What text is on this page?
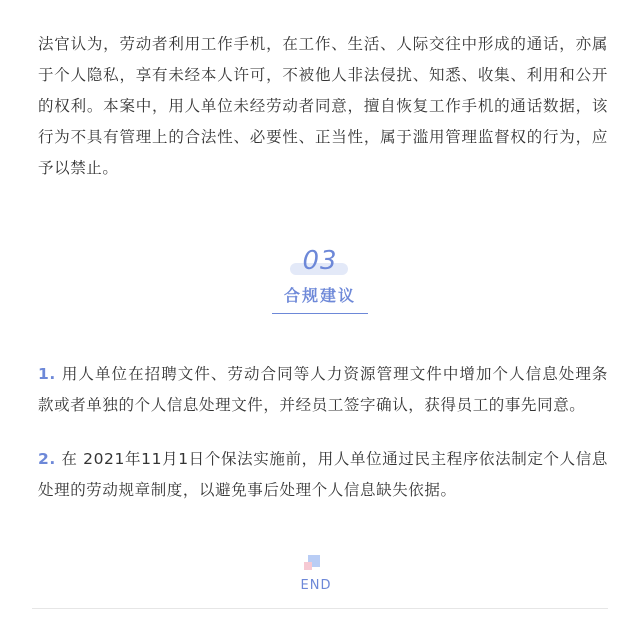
法官认为，劳动者利用工作手机，在工作、生活、人际交往中形成的通话，亦属于个人隐私，享有未经本人许可，不被他人非法侵扰、知悉、收集、利用和公开的权利。本案中，用人单位未经劳动者同意，擅自恢复工作手机的通话数据，该行为不具有管理上的合法性、必要性、正当性，属于滥用管理监督权的行为，应予以禁止。
03
合规建议
1. 用人单位在招聘文件、劳动合同等人力资源管理文件中增加个人信息处理条款或者单独的个人信息处理文件，并经员工签字确认，获得员工的事先同意。
2. 在 2021年11月1日个保法实施前，用人单位通过民主程序依法制定个人信息处理的劳动规章制度，以避免事后处理个人信息缺失依据。
END
